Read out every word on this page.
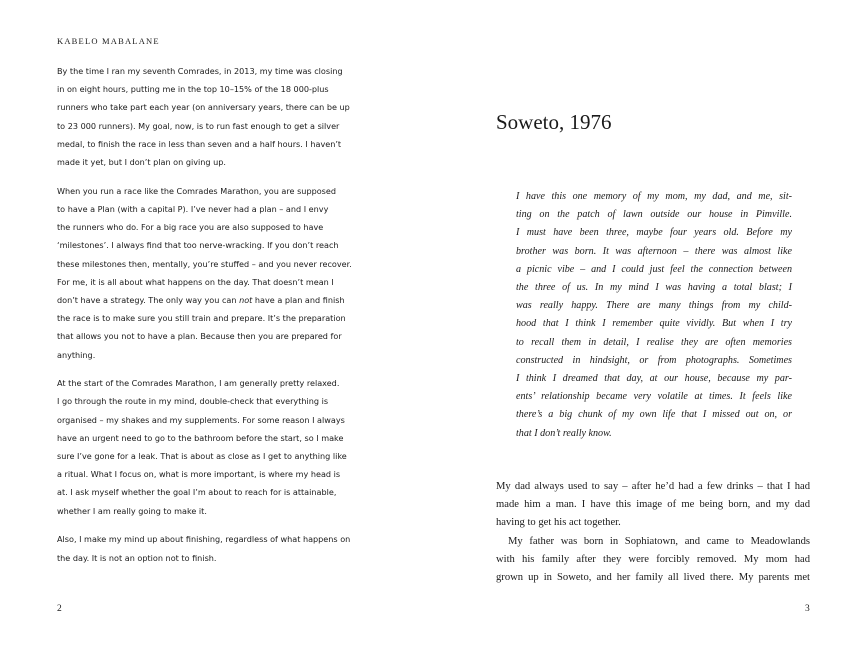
KABELO MABALANE

By the time I ran my seventh Comrades, in 2013, my time was closing
in on eight hours, putting me in the top 10–15% of the 18 000-plus
runners who take part each year (on anniversary years, there can be up
to 23 000 runners). My goal, now, is to run fast enough to get a silver
medal, to finish the race in less than seven and a half hours. I haven’t
made it yet, but I don’t plan on giving up.

When you run a race like the Comrades Marathon, you are supposed
to have a Plan (with a capital P). I’ve never had a plan – and I envy
the runners who do. For a big race you are also supposed to have
‘milestones’. I always find that too nerve-wracking. If you don’t reach
these milestones then, mentally, you’re stuffed – and you never recover.
For me, it is all about what happens on the day. That doesn’t mean I
don’t have a strategy. The only way you can not have a plan and finish
the race is to make sure you still train and prepare. It’s the preparation
that allows you not to have a plan. Because then you are prepared for
anything.

At the start of the Comrades Marathon, I am generally pretty relaxed.
I go through the route in my mind, double-check that everything is
organised – my shakes and my supplements. For some reason I always
have an urgent need to go to the bathroom before the start, so I make
sure I’ve gone for a leak. That is about as close as I get to anything like
a ritual. What I focus on, what is more important, is where my head is
at. I ask myself whether the goal I’m about to reach for is attainable,
whether I am really going to make it.

Also, I make my mind up about finishing, regardless of what happens on
the day. It is not an option not to finish.

2
Soweto, 1976
I have this one memory of my mom, my dad, and me, sit-
ting on the patch of lawn outside our house in Pimville.
I must have been three, maybe four years old. Before my
brother was born. It was afternoon – there was almost like
a picnic vibe – and I could just feel the connection between
the three of us. In my mind I was having a total blast; I
was really happy. There are many things from my child-
hood that I think I remember quite vividly. But when I try
to recall them in detail, I realise they are often memories
constructed in hindsight, or from photographs. Sometimes
I think I dreamed that day, at our house, because my par-
ents’ relationship became very volatile at times. It feels like
there’s a big chunk of my own life that I missed out on, or
that I don’t really know.
My dad always used to say – after he’d had a few drinks – that I had
made him a man. I have this image of me being born, and my dad
having to get his act together.
My father was born in Sophiatown, and came to Meadowlands
with his family after they were forcibly removed. My mom had
grown up in Soweto, and her family all lived there. My parents met
3
